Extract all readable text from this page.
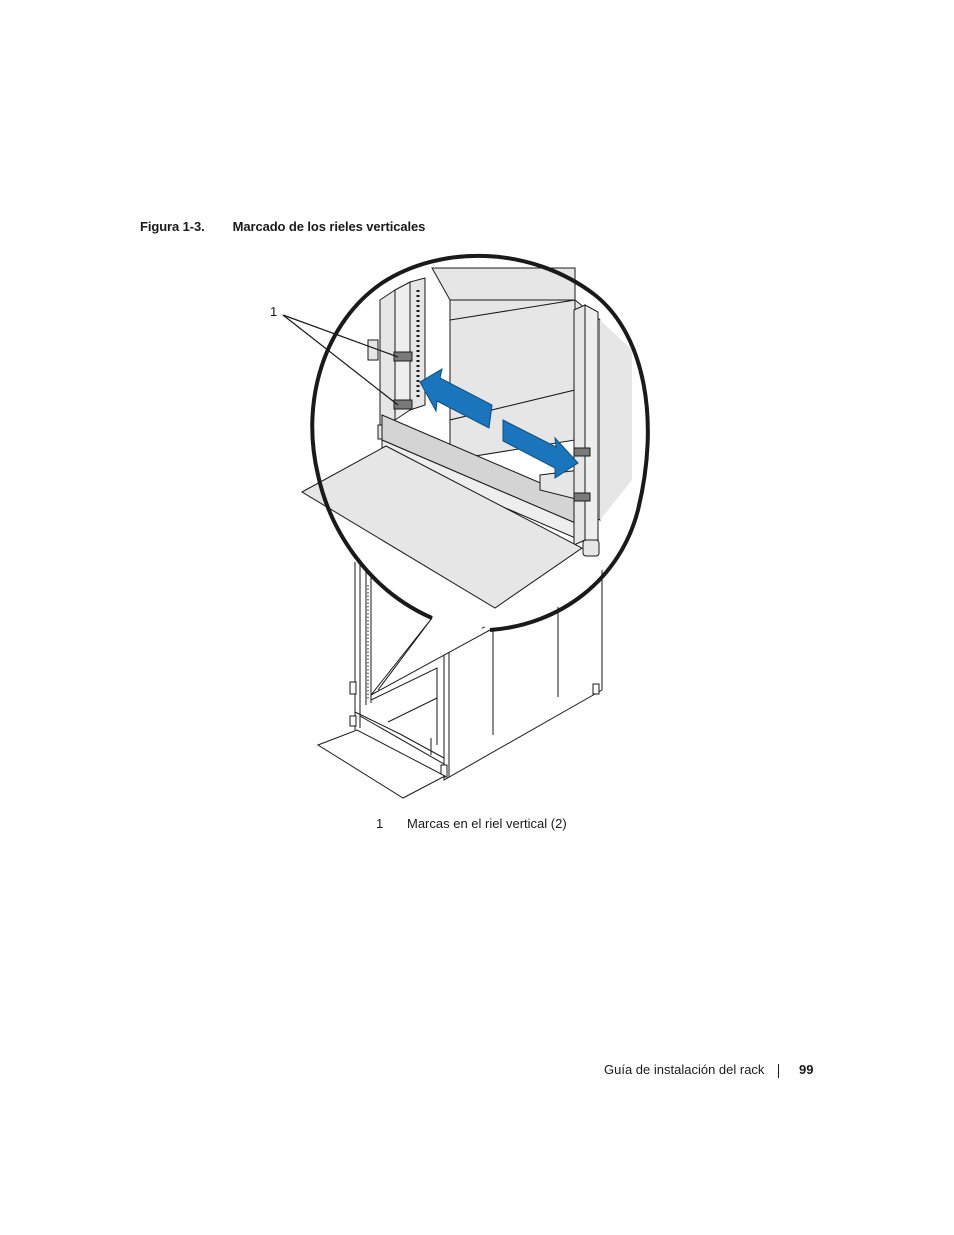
Figura 1-3. Marcado de los rieles verticales
1
1 Marcas en el riel vertical (2)
Guía de instalación del rack	99
